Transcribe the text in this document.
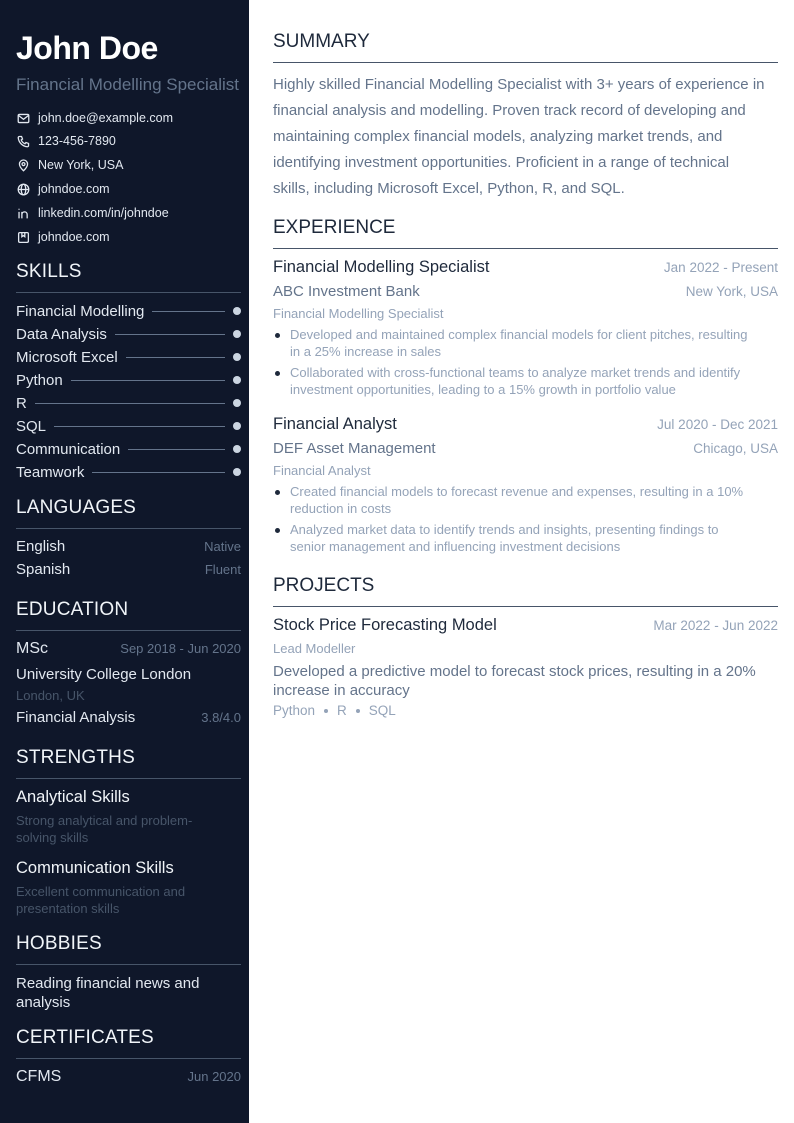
John Doe
Financial Modelling Specialist
john.doe@example.com
123-456-7890
New York, USA
johndoe.com
linkedin.com/in/johndoe
johndoe.com
SKILLS
Financial Modelling
Data Analysis
Microsoft Excel
Python
R
SQL
Communication
Teamwork
LANGUAGES
English	Native
Spanish	Fluent
EDUCATION
MSc	Sep 2018 - Jun 2020
University College London
London, UK
Financial Analysis	3.8/4.0
STRENGTHS
Analytical Skills
Strong analytical and problem-
solving skills
Communication Skills
Excellent communication and
presentation skills
HOBBIES
Reading financial news and
analysis
CERTIFICATES
CFMS	Jun 2020
SUMMARY
Highly skilled Financial Modelling Specialist with 3+ years of experience in
financial analysis and modelling. Proven track record of developing and
maintaining complex financial models, analyzing market trends, and
identifying investment opportunities. Proficient in a range of technical
skills, including Microsoft Excel, Python, R, and SQL.
EXPERIENCE
Financial Modelling Specialist	Jan 2022 - Present
ABC Investment Bank	New York, USA
Financial Modelling Specialist
Developed and maintained complex financial models for client pitches, resulting
in a 25% increase in sales
Collaborated with cross-functional teams to analyze market trends and identify
investment opportunities, leading to a 15% growth in portfolio value
Financial Analyst	Jul 2020 - Dec 2021
DEF Asset Management	Chicago, USA
Financial Analyst
Created financial models to forecast revenue and expenses, resulting in a 10%
reduction in costs
Analyzed market data to identify trends and insights, presenting findings to
senior management and influencing investment decisions
PROJECTS
Stock Price Forecasting Model	Mar 2022 - Jun 2022
Lead Modeller
Developed a predictive model to forecast stock prices, resulting in a 20%
increase in accuracy
Python R SQL
